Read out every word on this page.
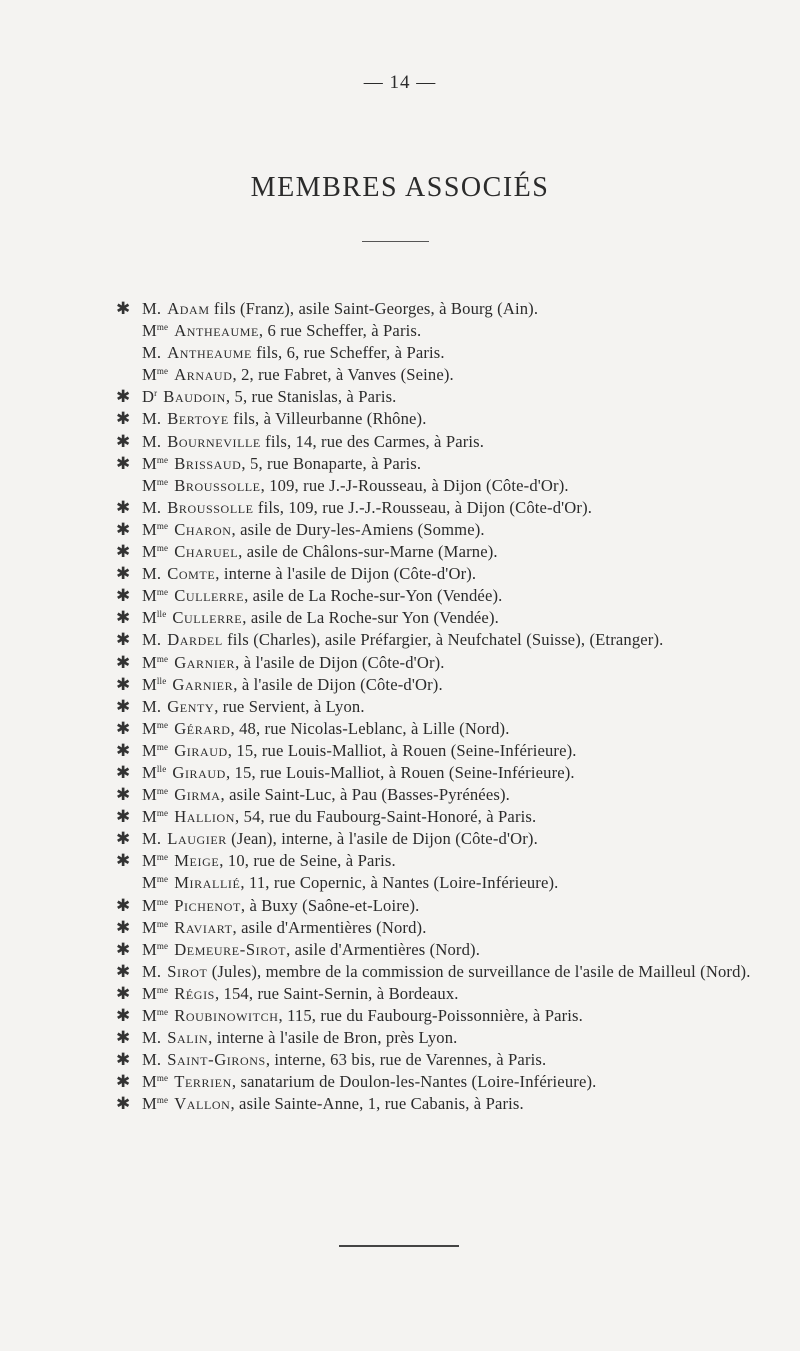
— 14 —
MEMBRES ASSOCIÉS
✱ M. Adam fils (Franz), asile Saint-Georges, à Bourg (Ain).
$M^{me}$ Antheaume, 6 rue Scheffer, à Paris.
M. Antheaume fils, 6, rue Scheffer, à Paris.
$M^{me}$ Arnaud, 2, rue Fabret, à Vanves (Seine).
✱ $D^r$ Baudoin, 5, rue Stanislas, à Paris.
✱ M. Bertoye fils, à Villeurbanne (Rhône).
✱ M. Bourneville fils, 14, rue des Carmes, à Paris.
✱ $M^{me}$ Brissaud, 5, rue Bonaparte, à Paris.
$M^{me}$ Broussolle, 109, rue J.-J-Rousseau, à Dijon (Côte-d'Or).
✱ M. Broussolle fils, 109, rue J.-J.-Rousseau, à Dijon (Côte-d'Or).
✱ $M^{me}$ Charon, asile de Dury-les-Amiens (Somme).
✱ $M^{me}$ Charuel, asile de Châlons-sur-Marne (Marne).
✱ M. Comte, interne à l'asile de Dijon (Côte-d'Or).
✱ $M^{me}$ Cullerre, asile de La Roche-sur-Yon (Vendée).
✱ $M^{lle}$ Cullerre, asile de La Roche-sur Yon (Vendée).
✱ M. Dardel fils (Charles), asile Préfargier, à Neufchatel (Suisse), (Etranger).
✱ $M^{me}$ Garnier, à l'asile de Dijon (Côte-d'Or).
✱ $M^{lle}$ Garnier, à l'asile de Dijon (Côte-d'Or).
✱ M. Genty, rue Servient, à Lyon.
✱ $M^{me}$ Gérard, 48, rue Nicolas-Leblanc, à Lille (Nord).
✱ $M^{me}$ Giraud, 15, rue Louis-Malliot, à Rouen (Seine-Inférieure).
✱ $M^{lle}$ Giraud, 15, rue Louis-Malliot, à Rouen (Seine-Inférieure).
✱ $M^{me}$ Girma, asile Saint-Luc, à Pau (Basses-Pyrénées).
✱ $M^{me}$ Hallion, 54, rue du Faubourg-Saint-Honoré, à Paris.
✱ M. Laugier (Jean), interne, à l'asile de Dijon (Côte-d'Or).
✱ $M^{me}$ Meige, 10, rue de Seine, à Paris.
$M^{me}$ Mirallié, 11, rue Copernic, à Nantes (Loire-Inférieure).
✱ $M^{me}$ Pichenot, à Buxy (Saône-et-Loire).
✱ $M^{me}$ Raviart, asile d'Armentières (Nord).
✱ $M^{me}$ Demeure-Sirot, asile d'Armentières (Nord).
✱ M. Sirot (Jules), membre de la commission de surveillance de l'asile de Mailleul (Nord).
✱ $M^{me}$ Régis, 154, rue Saint-Sernin, à Bordeaux.
✱ $M^{me}$ Roubinowitch, 115, rue du Faubourg-Poissonnière, à Paris.
✱ M. Salin, interne à l'asile de Bron, près Lyon.
✱ M. Saint-Girons, interne, 63 bis, rue de Varennes, à Paris.
✱ $M^{me}$ Terrien, sanatarium de Doulon-les-Nantes (Loire-Inférieure).
✱ $M^{me}$ Vallon, asile Sainte-Anne, 1, rue Cabanis, à Paris.
